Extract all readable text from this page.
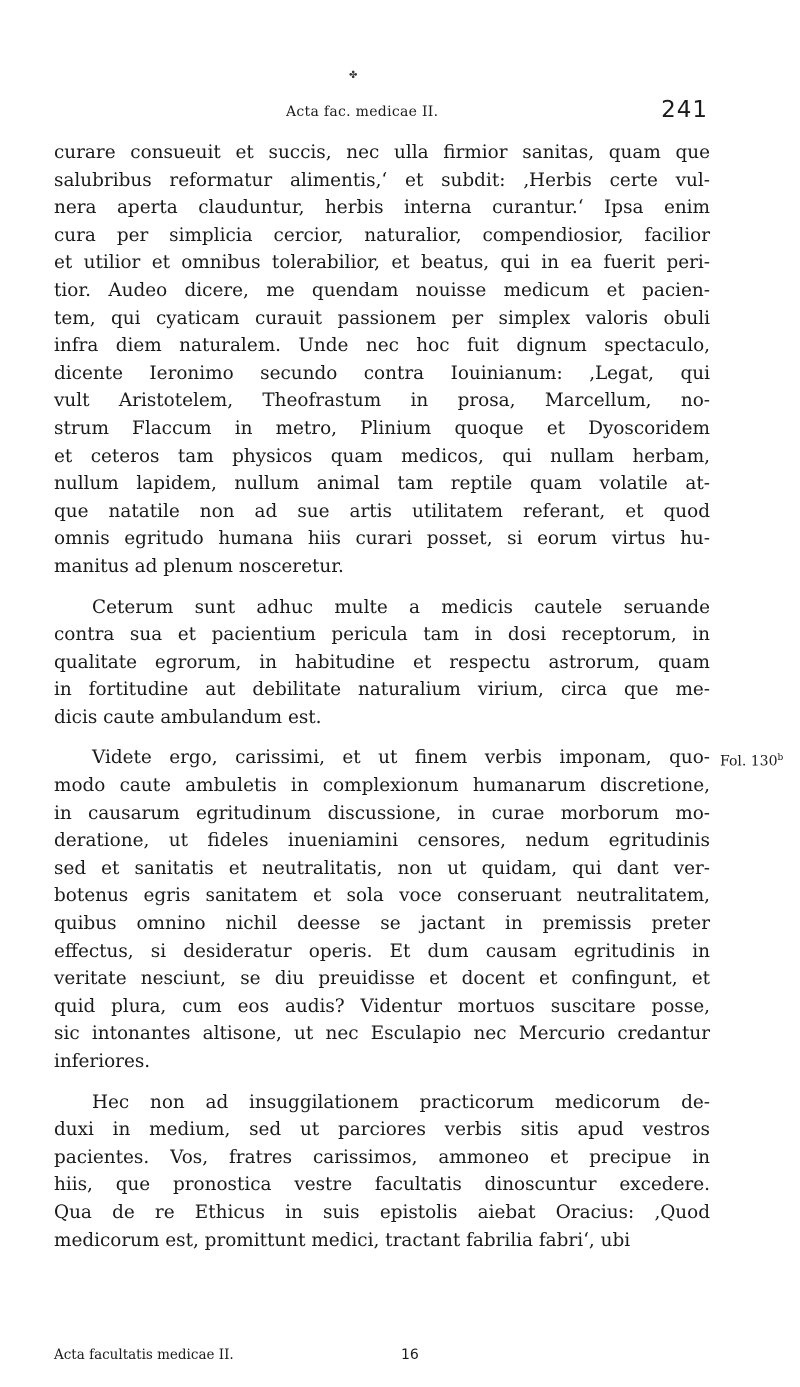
✤
Acta fac. medicae II.	241
curare consueuit et succis, nec ulla firmior sanitas, quam que
salubribus reformatur alimentis,‘ et subdit: ‚Herbis certe vul-
nera aperta clauduntur, herbis interna curantur.‘ Ipsa enim
cura per simplicia cercior, naturalior, compendiosior, facilior
et utilior et omnibus tolerabilior, et beatus, qui in ea fuerit peri-
tior. Audeo dicere, me quendam nouisse medicum et pacien-
tem, qui cyaticam curauit passionem per simplex valoris obuli
infra diem naturalem. Unde nec hoc fuit dignum spectaculo,
dicente Ieronimo secundo contra Iouinianum: ‚Legat, qui
vult Aristotelem, Theofrastum in prosa, Marcellum, no-
strum Flaccum in metro, Plinium quoque et Dyoscoridem
et ceteros tam physicos quam medicos, qui nullam herbam,
nullum lapidem, nullum animal tam reptile quam volatile at-
que natatile non ad sue artis utilitatem referant, et quod
omnis egritudo humana hiis curari posset, si eorum virtus hu-
manitus ad plenum nosceretur.
Ceterum sunt adhuc multe a medicis cautele seruande
contra sua et pacientium pericula tam in dosi receptorum, in
qualitate egrorum, in habitudine et respectu astrorum, quam
in fortitudine aut debilitate naturalium virium, circa que me-
dicis caute ambulandum est.
Videte ergo, carissimi, et ut finem verbis imponam, quo-
modo caute ambuletis in complexionum humanarum discretione,
in causarum egritudinum discussione, in curae morborum mo-
deratione, ut fideles inueniamini censores, nedum egritudinis
sed et sanitatis et neutralitatis, non ut quidam, qui dant ver-
botenus egris sanitatem et sola voce conseruant neutralitatem,
quibus omnino nichil deesse se jactant in premissis preter
effectus, si desideratur operis. Et dum causam egritudinis in
veritate nesciunt, se diu preuidisse et docent et confingunt, et
quid plura, cum eos audis? Videntur mortuos suscitare posse,
sic intonantes altisone, ut nec Esculapio nec Mercurio credantur
inferiores.
Hec non ad insuggilationem practicorum medicorum de-
duxi in medium, sed ut parciores verbis sitis apud vestros
pacientes. Vos, fratres carissimos, ammoneo et precipue in
hiis, que pronostica vestre facultatis dinoscuntur excedere.
Qua de re Ethicus in suis epistolis aiebat Oracius: ‚Quod
medicorum est, promittunt medici, tractant fabrilia fabri‘, ubi
Fol. 130$^b$
Acta facultatis medicae II.	16
